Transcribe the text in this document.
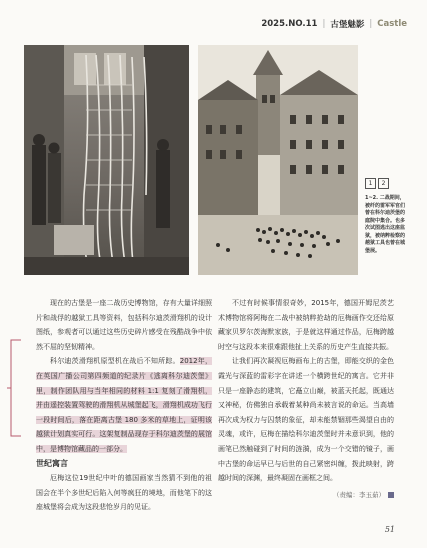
2025.NO.11 | 古堡魅影 | Castle
1	2
1~2. 二战期间，被纤的雷军军官们曾在科尔迪茨堡的庭院中集合。也多次试图逃出这座监狱，被纳粹检察的越狱工具也曾在城堡展。

现在的古堡是一座二战历史博物馆，存有大量详细照片和战俘的越狱工具等资料，包括科尔迪茨滑翔机的设计图纸，参观者可以通过这些历史碎片感受在残酷战争中依然不屈的坚韧精神。

科尔迪茨滑翔机原型机在战后不知所踪。2012年，在英国广播公司第四频道的纪录片《逃离科尔迪茨堡》里，制作团队用与当年相同的材料 1:1 复刻了滑翔机，并由遥控装置驾驶的滑翔机从城堡起飞，滑翔机成功飞行一段时间后，落在距离古堡 180 多米的草地上，证明该越狱计划真实可行。这架复制品现存于科尔迪茨堡的展馆中，是博物馆藏品的一部分。

世纪寓言

厄梅这位19世纪中叶的德国画家当然猜不到他的祖国会在半个多世纪后陷入何等疯狂的境地，而他笔下的这座城堡将会成为这段悲怆岁月的见证。

不过有时候事情很奇妙，2015年，德国开姆尼茨艺术博物馆将阿梅在二战中被纳粹抢劫的厄梅画作交还给原藏家贝罗尔茨海默家族，于是就这样通过作品，厄梅跨越时空与这段本来很难跟他扯上关系的历史产生直接共振。

让我们再次凝视厄梅画布上的古堡，即能交织的金色霞光与深蓝的雷彩字在讲述一个横跨世纪的寓言。它并非只是一座静态的建筑，它矗立山巅，被蓝天托起，既通达又神秘，仿佛独自承载着某种尚未被言说的命运。当高墙再次成为权力与囚禁的象征，却未能禁锢那些渴望自由的灵魂，或许，厄梅在描绘科尔迪茨堡时并未意识到，他的画笔已然触碰到了时间的涟漪，成为一个交错的镜子，画中古堡的命运早已与后世的自己紧密纠缠，拨此映射，跨越时间的深渊，最终凝固在画框之间。

（责编：李玉茹）
51
